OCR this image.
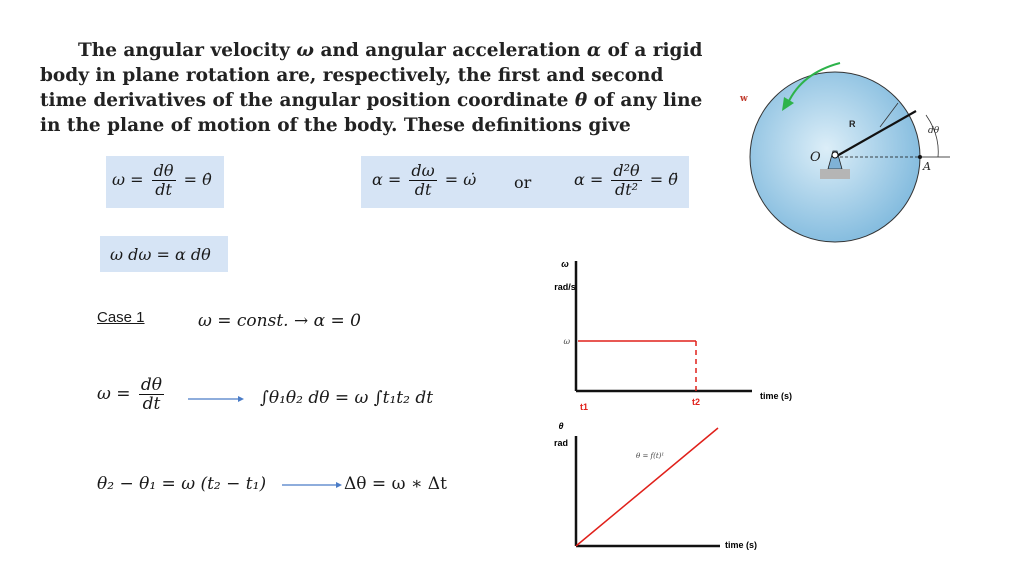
The angular velocity ω and angular acceleration α of a rigid body in plane rotation are, respectively, the first and second time derivatives of the angular position coordinate θ of any line in the plane of motion of the body. These definitions give
$\omega = \frac{d\theta}{dt}$ = θ̇	$\alpha = \frac{d\omega}{dt}$ = ω̇ or	$\alpha = \frac{\text{d²θ}}{\text{dt²}}$ = θ̈
ω dω = α dθ
Case 1	ω = const. → α = 0
$\omega = \frac{d\theta}{dt}$	∫θ₁θ₂ dθ = ω ∫t₁t₂ dt
θ₂ − θ₁ = ω (t₂ − t₁)	Δθ = ω ∗ Δt
w
R
A
dθ
O
ω
rad/s
ω
t1	t2
time (s)
θ
rad
θ = f(t)¹
time (s)
